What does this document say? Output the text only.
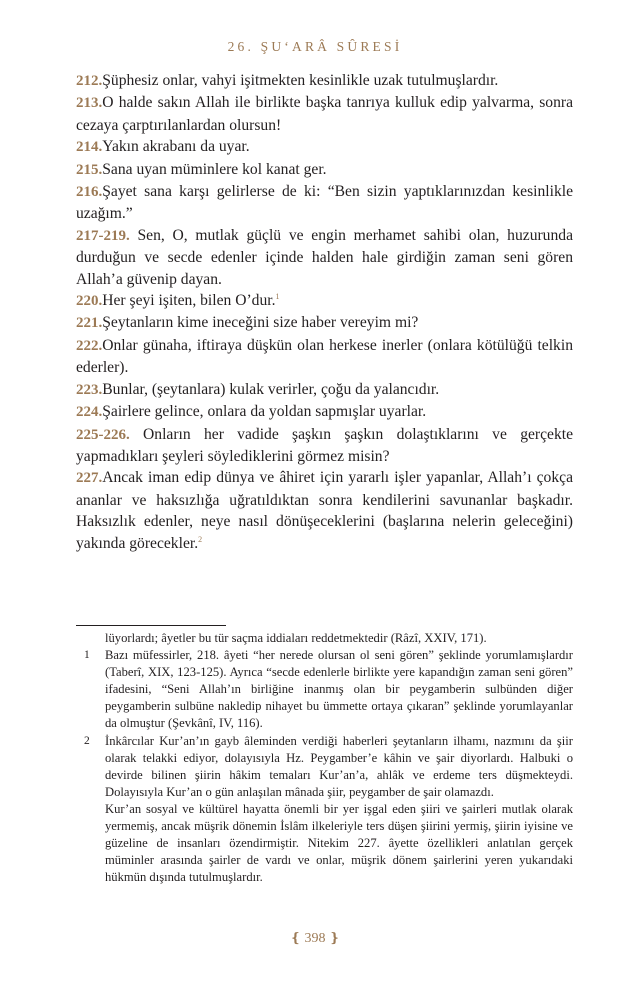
26. ŞU‘ARÂ SÛRESİ

212.Şüphesiz onlar, vahyi işitmekten kesinlikle uzak tutulmuşlardır.

213.O halde sakın Allah ile birlikte başka tanrıya kulluk edip yalvarma, sonra cezaya çarptırılanlardan olursun!

214.Yakın akrabanı da uyar.

215.Sana uyan müminlere kol kanat ger.

216.Şayet sana karşı gelirlerse de ki: “Ben sizin yaptıklarınızdan kesinlikle uzağım.”

217-219. Sen, O, mutlak güçlü ve engin merhamet sahibi olan, huzurunda durduğun ve secde edenler içinde halden hale girdiğin zaman seni gören Allah’a güvenip dayan.

220.Her şeyi işiten, bilen O’dur.$^1$

221.Şeytanların kime ineceğini size haber vereyim mi?

222.Onlar günaha, iftiraya düşkün olan herkese inerler (onlara kötülüğü telkin ederler).

223.Bunlar, (şeytanlara) kulak verirler, çoğu da yalancıdır.

224.Şairlere gelince, onlara da yoldan sapmışlar uyarlar.

225-226. Onların her vadide şaşkın şaşkın dolaştıklarını ve gerçekte yapmadıkları şeyleri söylediklerini görmez misin?

227.Ancak iman edip dünya ve âhiret için yararlı işler yapanlar, Allah’ı çokça ananlar ve haksızlığa uğratıldıktan sonra kendilerini savunanlar başkadır. Haksızlık edenler, neye nasıl dönüşeceklerini (başlarına nelerin geleceğini) yakında görecekler.$^2$

lüyorlardı; âyetler bu tür saçma iddiaları reddetmektedir (Râzî, XXIV, 171).

1 Bazı müfessirler, 218. âyeti “her nerede olursan ol seni gören” şeklinde yorumlamışlardır (Taberî, XIX, 123-125). Ayrıca “secde edenlerle birlikte yere kapandığın zaman seni gören” ifadesini, “Seni Allah’ın birliğine inanmış olan bir peygamberin sulbünden diğer peygamberin sulbüne nakledip nihayet bu ümmette ortaya çıkaran” şeklinde yorumlayanlar da olmuştur (Şevkânî, IV, 116).

2 İnkârcılar Kur’an’ın gayb âleminden verdiği haberleri şeytanların ilhamı, nazmını da şiir olarak telakki ediyor, dolayısıyla Hz. Peygamber’e kâhin ve şair diyorlardı. Halbuki o devirde bilinen şiirin hâkim temaları Kur’an’a, ahlâk ve erdeme ters düşmekteydi. Dolayısıyla Kur’an o gün anlaşılan mânada şiir, peygamber de şair olamazdı.

Kur’an sosyal ve kültürel hayatta önemli bir yer işgal eden şiiri ve şairleri mutlak olarak yermemiş, ancak müşrik dönemin İslâm ilkeleriyle ters düşen şiirini yermiş, şiirin iyisine ve güzeline de insanları özendirmiştir. Nitekim 227. âyette özellikleri anlatılan gerçek müminler arasında şairler de vardı ve onlar, müşrik dönem şairlerini yeren yukarıdaki hükmün dışında tutulmuşlardır.

❴ 398 ❵
